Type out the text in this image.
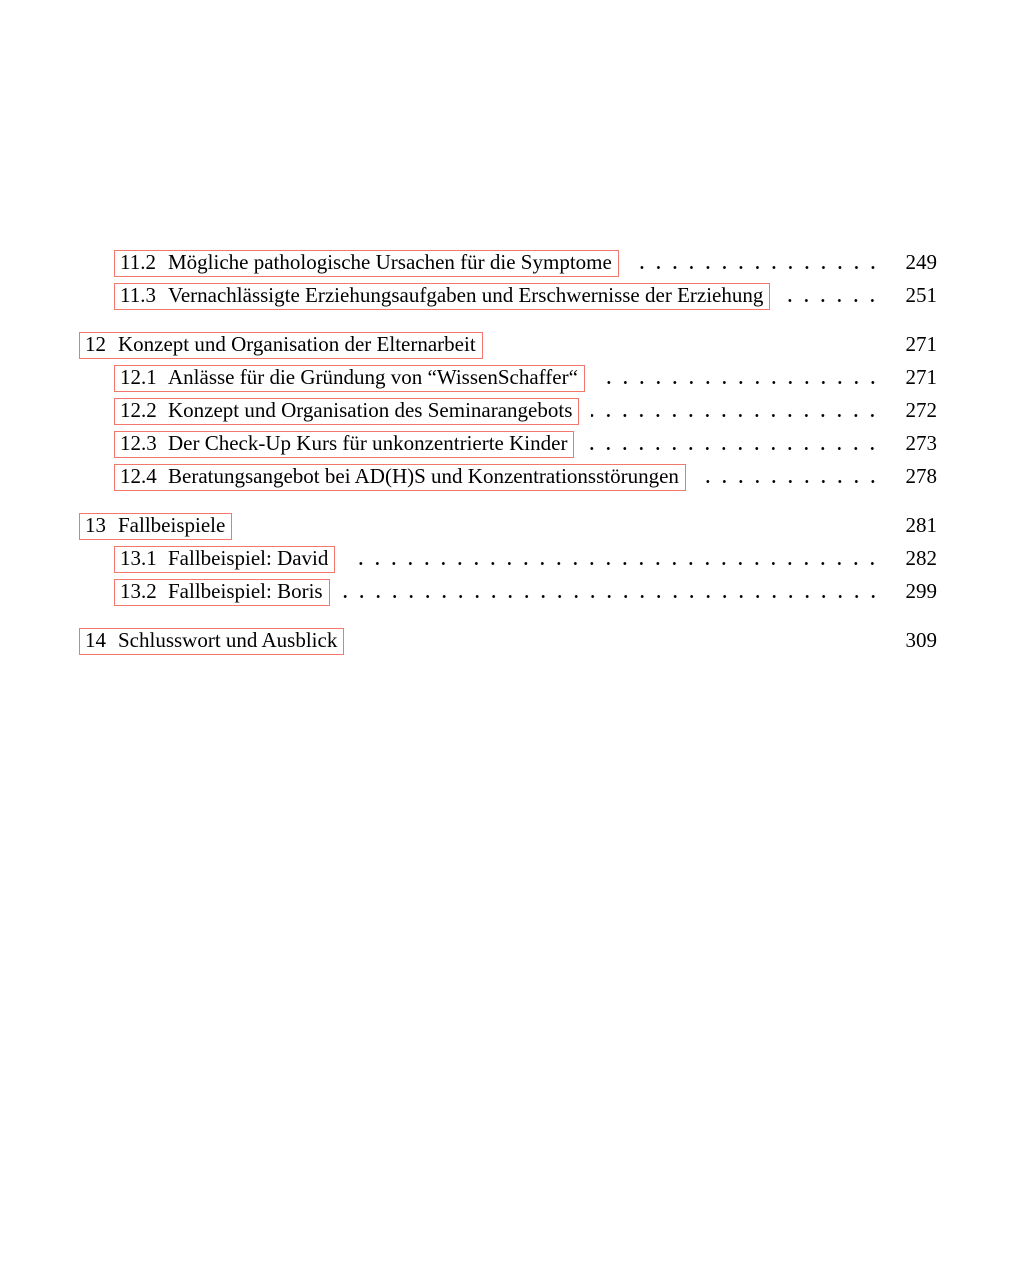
11.2 Mögliche pathologische Ursachen für die Symptome	249
11.3 Vernachlässigte Erziehungsaufgaben und Erschwernisse der Erziehung	251
12 Konzept und Organisation der Elternarbeit	271
12.1 Anlässe für die Gründung von “WissenSchaffer“	271
12.2 Konzept und Organisation des Seminarangebots	272
12.3 Der Check-Up Kurs für unkonzentrierte Kinder	273
12.4 Beratungsangebot bei AD(H)S und Konzentrationsstörungen	278
13 Fallbeispiele	281
13.1 Fallbeispiel: David	282
13.2 Fallbeispiel: Boris	299
14 Schlusswort und Ausblick	309
